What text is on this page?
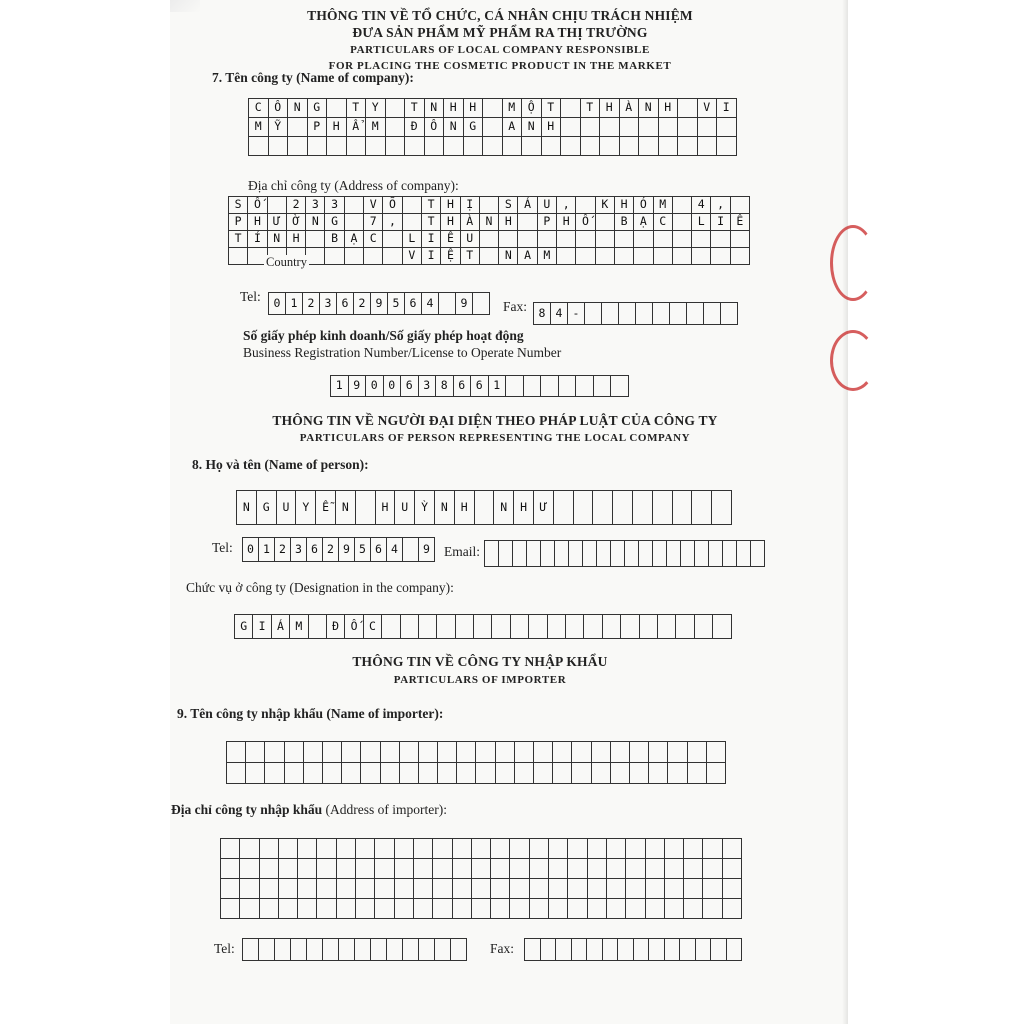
THÔNG TIN VỀ TỔ CHỨC, CÁ NHÂN CHỊU TRÁCH NHIỆM
ĐƯA SẢN PHẨM MỸ PHẨM RA THỊ TRƯỜNG
PARTICULARS OF LOCAL COMPANY RESPONSIBLE
FOR PLACING THE COSMETIC PRODUCT IN THE MARKET
7. Tên công ty (Name of company):
C	Ô	N	G	T	Y	T	N	H	H	M	Ộ	T	T	H	À	N	H	V	I
M	Ỹ	P	H	Ẩ	M	Đ	Ô	N	G	A	N	H
Địa chỉ công ty (Address of company):
S	Ố	2	3	3	V	Õ	T	H	Ị	S	Á	U	,	K	H	Ó	M	4	,
P	H	Ư	Ờ	N	G	7	,	T	H	À	N	H	P	H	Ố	B	Ạ	C	L	I	Ê
T	Ỉ	N	H	B	Ạ	C	L	I	Ê	U
V	I	Ệ	T	N	A	M
Country
Tel:	0 1 2 3 6 2 9 5 6 4	9	Fax:	8 4 -
Số giấy phép kinh doanh/Số giấy phép hoạt động
Business Registration Number/License to Operate Number
1 9 0 0 6 3 8 6 6 1
THÔNG TIN VỀ NGƯỜI ĐẠI DIỆN THEO PHÁP LUẬT CỦA CÔNG TY
PARTICULARS OF PERSON REPRESENTING THE LOCAL COMPANY
8. Họ và tên (Name of person):
N	G	U	Y	Ễ	N	H	U	Ỳ	N	H	N	H	Ư
Tel:	0 1 2 3 6 2 9 5 6 4	9	Email:
Chức vụ ở công ty (Designation in the company):
G I Á M	Đ Ố C
THÔNG TIN VỀ CÔNG TY NHẬP KHẨU
PARTICULARS OF IMPORTER
9. Tên công ty nhập khẩu (Name of importer):
Địa chỉ công ty nhập khẩu (Address of importer):
Tel:	Fax:
